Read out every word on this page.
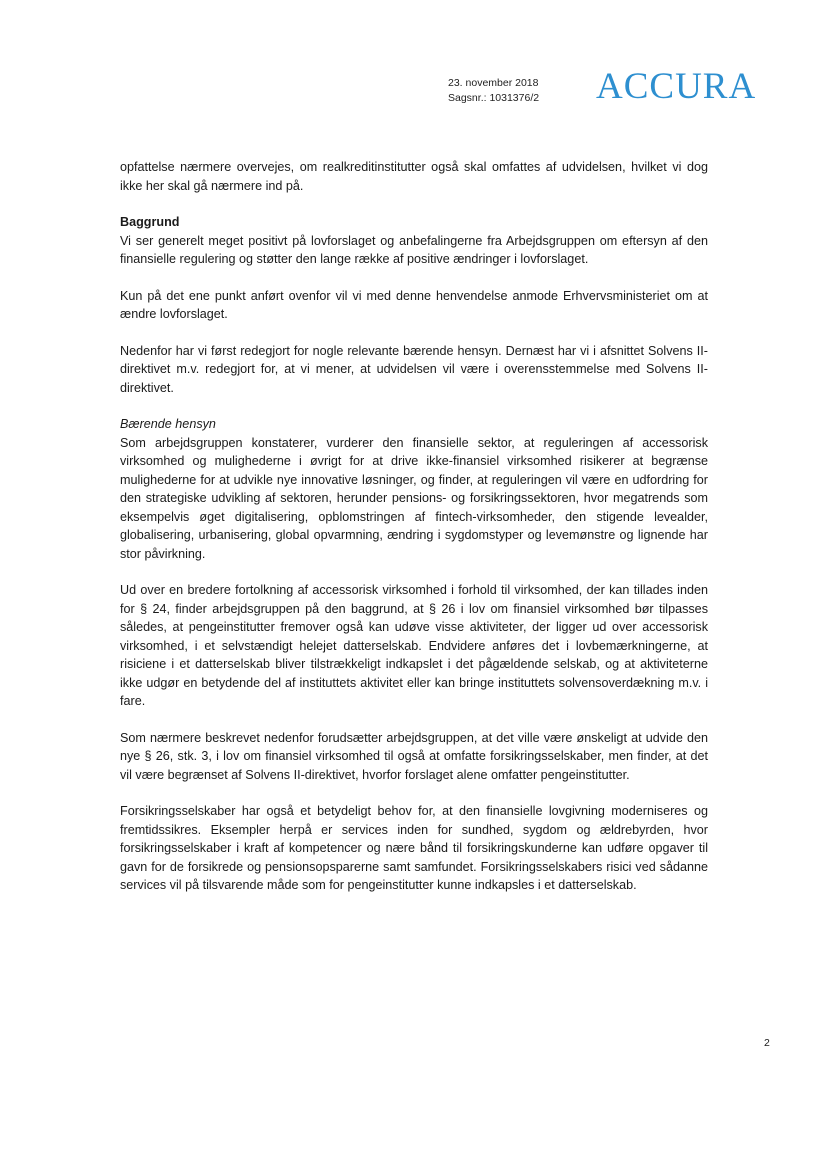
23. november 2018
Sagsnr.: 1031376/2 ACCURA

opfattelse nærmere overvejes, om realkreditinstitutter også skal omfattes af udvidelsen, hvilket vi dog ikke her skal gå nærmere ind på.

Baggrund

Vi ser generelt meget positivt på lovforslaget og anbefalingerne fra Arbejdsgruppen om eftersyn af den finansielle regulering og støtter den lange række af positive ændringer i lovforslaget.

Kun på det ene punkt anført ovenfor vil vi med denne henvendelse anmode Erhvervsministeriet om at ændre lovforslaget.

Nedenfor har vi først redegjort for nogle relevante bærende hensyn. Dernæst har vi i afsnittet Solvens II-direktivet m.v. redegjort for, at vi mener, at udvidelsen vil være i overensstemmelse med Solvens II-direktivet.

Bærende hensyn

Som arbejdsgruppen konstaterer, vurderer den finansielle sektor, at reguleringen af accessorisk virksomhed og mulighederne i øvrigt for at drive ikke-finansiel virksomhed risikerer at begrænse mulighederne for at udvikle nye innovative løsninger, og finder, at reguleringen vil være en udfordring for den strategiske udvikling af sektoren, herunder pensions- og forsikringssektoren, hvor megatrends som eksempelvis øget digitalisering, opblomstringen af fintech-virksomheder, den stigende levealder, globalisering, urbanisering, global opvarmning, ændring i sygdomstyper og levemønstre og lignende har stor påvirkning.

Ud over en bredere fortolkning af accessorisk virksomhed i forhold til virksomhed, der kan tillades inden for § 24, finder arbejdsgruppen på den baggrund, at § 26 i lov om finansiel virksomhed bør tilpasses således, at pengeinstitutter fremover også kan udøve visse aktiviteter, der ligger ud over accessorisk virksomhed, i et selvstændigt helejet datterselskab. Endvidere anføres det i lovbemærkningerne, at risiciene i et datterselskab bliver tilstrækkeligt indkapslet i det pågældende selskab, og at aktiviteterne ikke udgør en betydende del af instituttets aktivitet eller kan bringe instituttets solvensoverdækning m.v. i fare.

Som nærmere beskrevet nedenfor forudsætter arbejdsgruppen, at det ville være ønskeligt at udvide den nye § 26, stk. 3, i lov om finansiel virksomhed til også at omfatte forsikringsselskaber, men finder, at det vil være begrænset af Solvens II-direktivet, hvorfor forslaget alene omfatter pengeinstitutter.

Forsikringsselskaber har også et betydeligt behov for, at den finansielle lovgivning moderniseres og fremtidssikres. Eksempler herpå er services inden for sundhed, sygdom og ældrebyrden, hvor forsikringsselskaber i kraft af kompetencer og nære bånd til forsikringskunderne kan udføre opgaver til gavn for de forsikrede og pensionsopsparerne samt samfundet. Forsikringsselskabers risici ved sådanne services vil på tilsvarende måde som for pengeinstitutter kunne indkapsles i et datterselskab.

2
